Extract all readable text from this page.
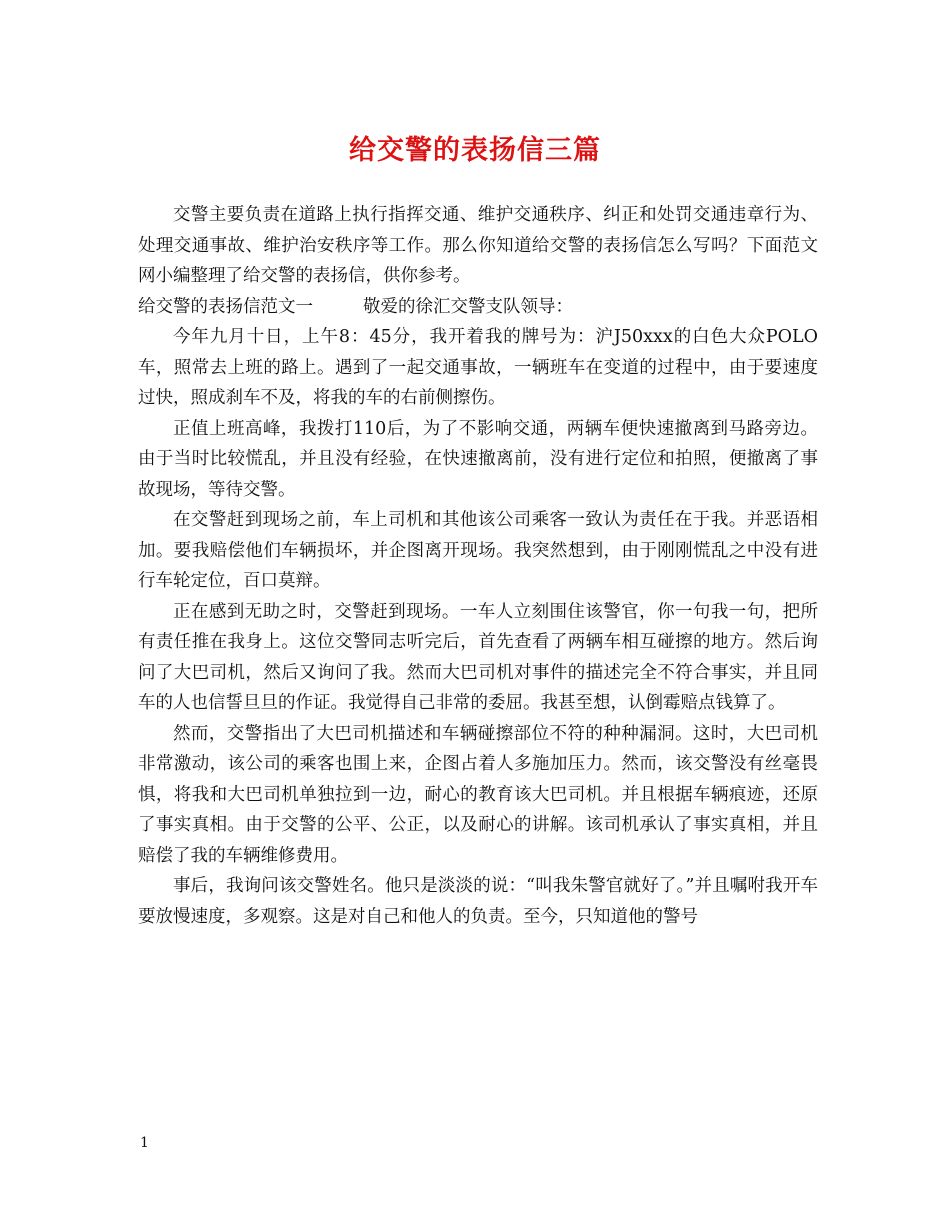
给交警的表扬信三篇

交警主要负责在道路上执行指挥交通、维护交通秩序、纠正和处罚交通违章行为、处理交通事故、维护治安秩序等工作。那么你知道给交警的表扬信怎么写吗？下面范文网小编整理了给交警的表扬信，供你参考。

给交警的表扬信范文一	敬爱的徐汇交警支队领导：

今年九月十日，上午8：45分，我开着我的牌号为：沪J50xxx的白色大众POLO车，照常去上班的路上。遇到了一起交通事故，一辆班车在变道的过程中，由于要速度过快，照成刹车不及，将我的车的右前侧擦伤。

正值上班高峰，我拨打110后，为了不影响交通，两辆车便快速撤离到马路旁边。由于当时比较慌乱，并且没有经验，在快速撤离前，没有进行定位和拍照，便撤离了事故现场，等待交警。

在交警赶到现场之前，车上司机和其他该公司乘客一致认为责任在于我。并恶语相加。要我赔偿他们车辆损坏，并企图离开现场。我突然想到，由于刚刚慌乱之中没有进行车轮定位，百口莫辩。

正在感到无助之时，交警赶到现场。一车人立刻围住该警官，你一句我一句，把所有责任推在我身上。这位交警同志听完后，首先查看了两辆车相互碰擦的地方。然后询问了大巴司机，然后又询问了我。然而大巴司机对事件的描述完全不符合事实，并且同车的人也信誓旦旦的作证。我觉得自己非常的委屈。我甚至想，认倒霉赔点钱算了。

然而，交警指出了大巴司机描述和车辆碰擦部位不符的种种漏洞。这时，大巴司机非常激动，该公司的乘客也围上来，企图占着人多施加压力。然而，该交警没有丝毫畏惧，将我和大巴司机单独拉到一边，耐心的教育该大巴司机。并且根据车辆痕迹，还原了事实真相。由于交警的公平、公正，以及耐心的讲解。该司机承认了事实真相，并且赔偿了我的车辆维修费用。

事后，我询问该交警姓名。他只是淡淡的说：“叫我朱警官就好了。”并且嘱咐我开车要放慢速度，多观察。这是对自己和他人的负责。至今，只知道他的警号

1
